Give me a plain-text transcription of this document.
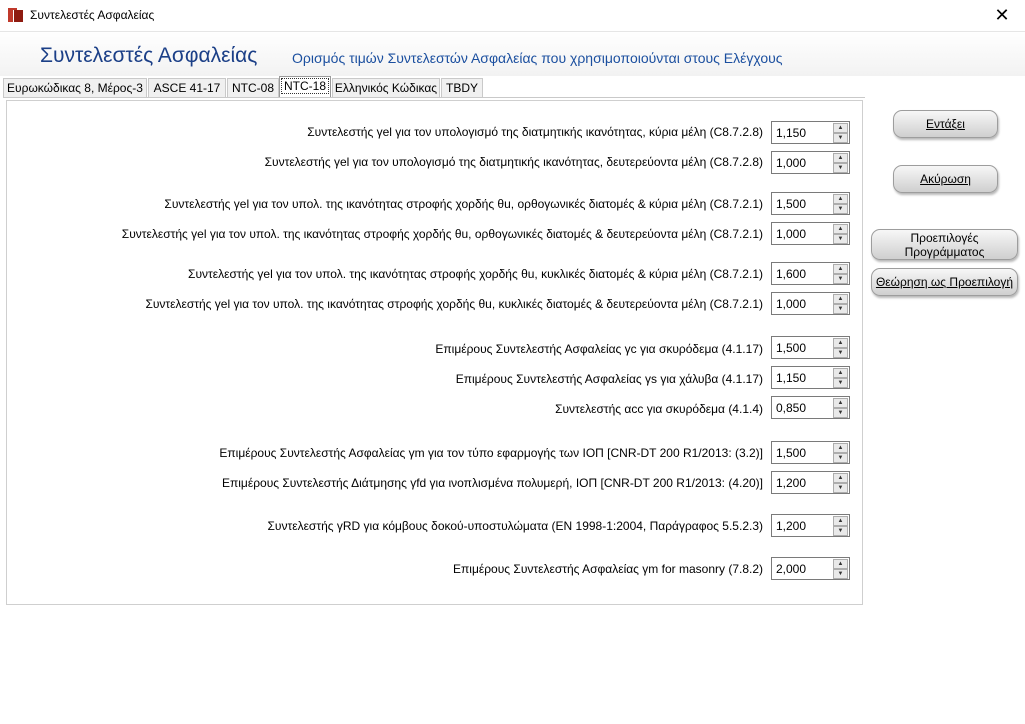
Συντελεστές Ασφαλείας	✕
Συντελεστές Ασφαλείας Ορισμός τιμών Συντελεστών Ασφαλείας που χρησιμοποιούνται στους Ελέγχους
Ευρωκώδικας 8, Μέρος-3 ASCE 41-17 NTC-08 NTC-18 Ελληνικός Κώδικας TBDY
Συντελεστής γel για τον υπολογισμό της διατμητικής ικανότητας, κύρια μέλη (C8.7.2.8) 1,150	▲
▼
Συντελεστής γel για τον υπολογισμό της διατμητικής ικανότητας, δευτερεύοντα μέλη (C8.7.2.8) 1,000	▲
▼
Συντελεστής γel για τον υπολ. της ικανότητας στροφής χορδής θu, ορθογωνικές διατομές & κύρια μέλη (C8.7.2.1) 1,500	▲
▼
Συντελεστής γel για τον υπολ. της ικανότητας στροφής χορδής θu, ορθογωνικές διατομές & δευτερεύοντα μέλη (C8.7.2.1) 1,000	▲
▼
Συντελεστής γel για τον υπολ. της ικανότητας στροφής χορδής θu, κυκλικές διατομές & κύρια μέλη (C8.7.2.1) 1,600	▲
▼
Συντελεστής γel για τον υπολ. της ικανότητας στροφής χορδής θu, κυκλικές διατομές & δευτερεύοντα μέλη (C8.7.2.1) 1,000	▲
▼
Επιμέρους Συντελεστής Ασφαλείας γc για σκυρόδεμα (4.1.17) 1,500	▲
▼
Επιμέρους Συντελεστής Ασφαλείας γs για χάλυβα (4.1.17) 1,150	▲
▼
Συντελεστής αcc για σκυρόδεμα (4.1.4) 0,850	▲
▼
Επιμέρους Συντελεστής Ασφαλείας γm για τον τύπο εφαρμογής των ΙΟΠ [CNR-DT 200 R1/2013: (3.2)] 1,500	▲
▼
Επιμέρους Συντελεστής Διάτμησης γfd για ινοπλισμένα πολυμερή, ΙΟΠ [CNR-DT 200 R1/2013: (4.20)] 1,200	▲
▼
Συντελεστής γRD για κόμβους δοκού-υποστυλώματα (EN 1998-1:2004, Παράγραφος 5.5.2.3) 1,200	▲
▼
Επιμέρους Συντελεστής Ασφαλείας γm for masonry (7.8.2) 2,000	▲
▼
Εντάξει
Ακύρωση
Προεπιλογές
Προγράμματος
Θεώρηση ως Προεπιλογή
